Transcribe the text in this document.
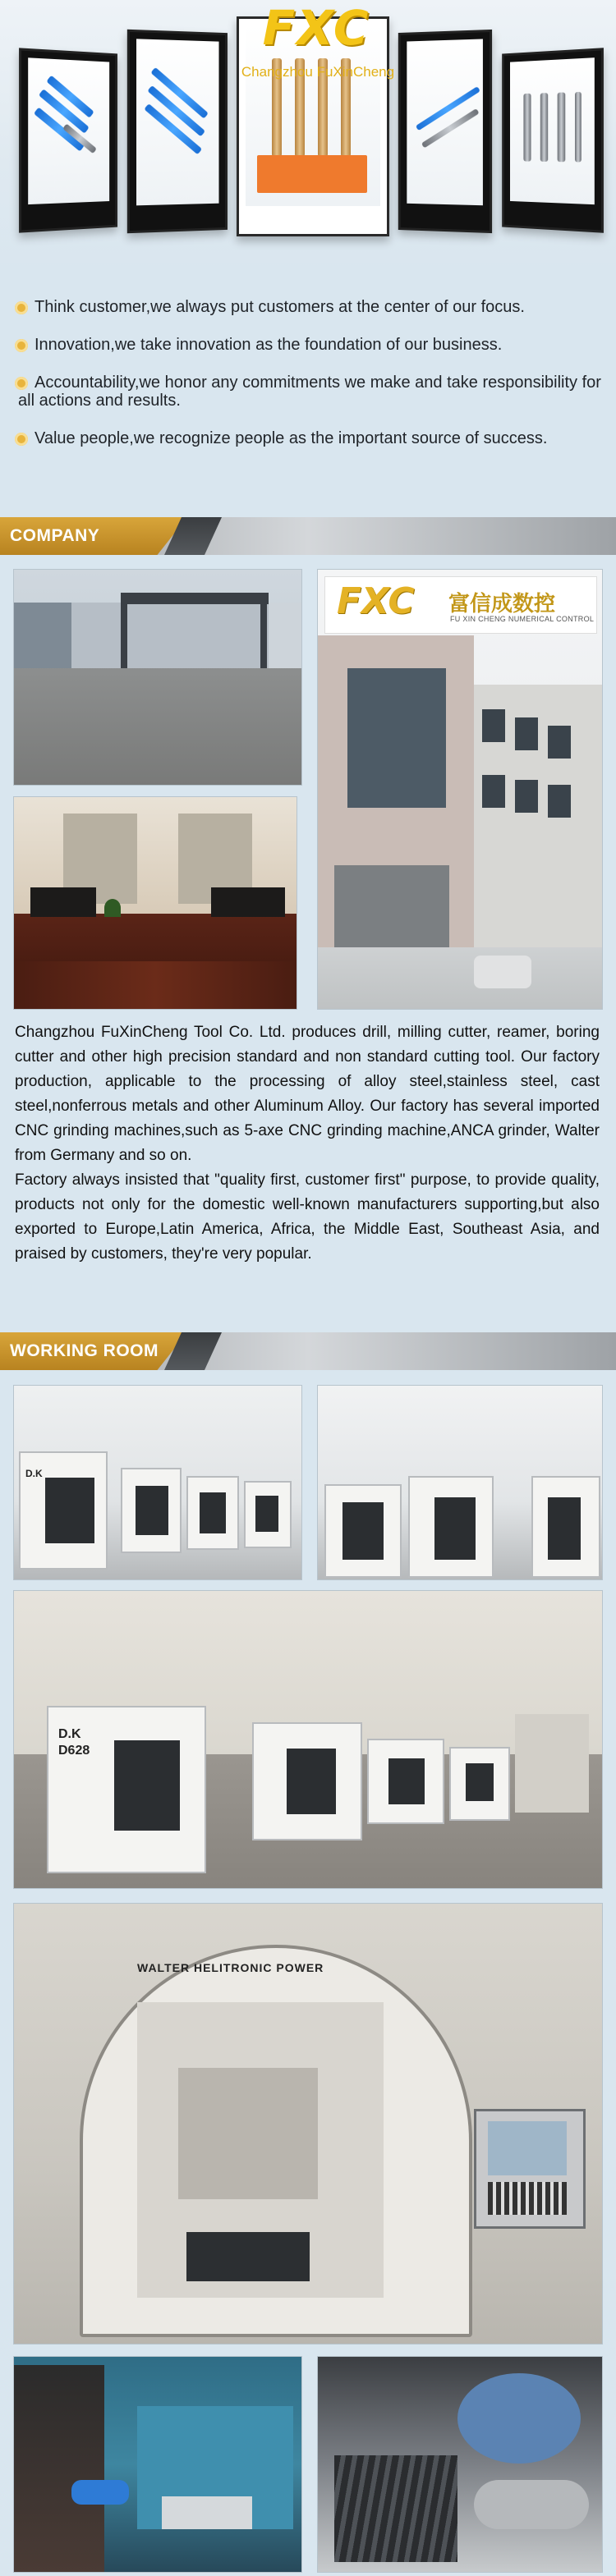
FXC
Changzhou FuXinCheng
Think customer,we always put customers at the center of our focus.
Innovation,we take innovation as the foundation of our business.
Accountability,we honor any commitments we make and take responsibility for all actions and results.
Value people,we recognize people as the important source of success.
COMPANY
FXC 富信成数控
FU XIN CHENG NUMERICAL CONTROL

Changzhou FuXinCheng Tool Co. Ltd. produces drill, milling cutter, reamer, boring cutter and other high precision standard and non standard cutting tool. Our factory production, applicable to the processing of alloy steel,stainless steel, cast steel,nonferrous metals and other Aluminum Alloy. Our factory has several imported CNC grinding machines,such as 5-axe CNC grinding machine,ANCA grinder, Walter from Germany and so on.

Factory always insisted that "quality first, customer first" purpose, to provide quality, products not only for the domestic well-known manufacturers supporting,but also exported to Europe,Latin America, Africa, the Middle East, Southeast Asia, and praised by customers, they're very popular.

WORKING ROOM
D.K
D.K
D628
WALTER HELITRONIC POWER
